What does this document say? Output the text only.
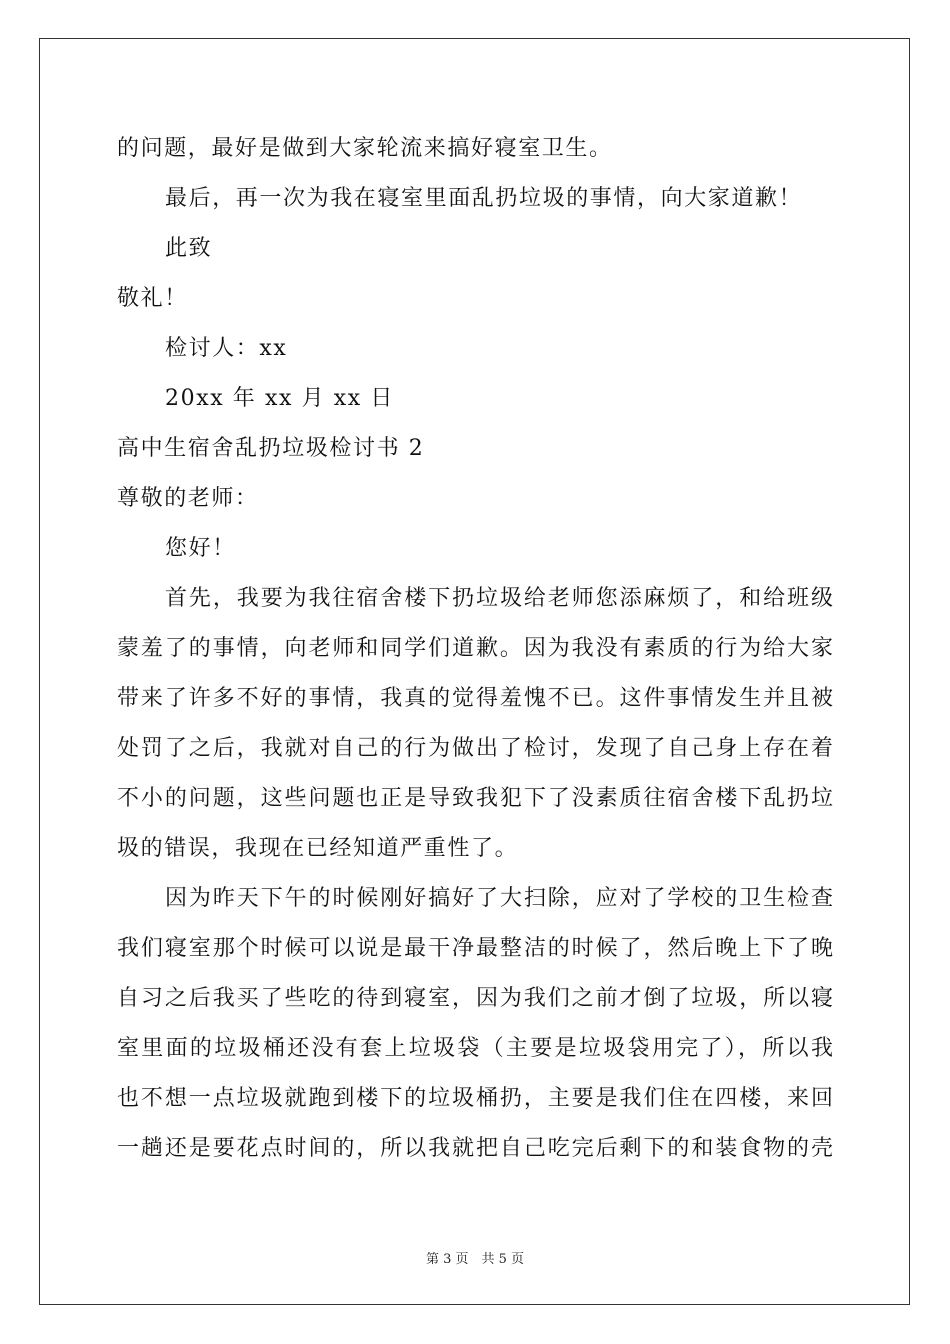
的问题，最好是做到大家轮流来搞好寝室卫生。
最后，再一次为我在寝室里面乱扔垃圾的事情，向大家道歉！
此致
敬礼！
检讨人：xx
20xx 年 xx 月 xx 日
高中生宿舍乱扔垃圾检讨书 2
尊敬的老师：
您好！
首先，我要为我往宿舍楼下扔垃圾给老师您添麻烦了，和给班级
蒙羞了的事情，向老师和同学们道歉。因为我没有素质的行为给大家
带来了许多不好的事情，我真的觉得羞愧不已。这件事情发生并且被
处罚了之后，我就对自己的行为做出了检讨，发现了自己身上存在着
不小的问题，这些问题也正是导致我犯下了没素质往宿舍楼下乱扔垃
圾的错误，我现在已经知道严重性了。
因为昨天下午的时候刚好搞好了大扫除，应对了学校的卫生检查
我们寝室那个时候可以说是最干净最整洁的时候了，然后晚上下了晚
自习之后我买了些吃的待到寝室，因为我们之前才倒了垃圾，所以寝
室里面的垃圾桶还没有套上垃圾袋（主要是垃圾袋用完了），所以我
也不想一点垃圾就跑到楼下的垃圾桶扔，主要是我们住在四楼，来回
一趟还是要花点时间的，所以我就把自己吃完后剩下的和装食物的壳
第 3 页　共 5 页
